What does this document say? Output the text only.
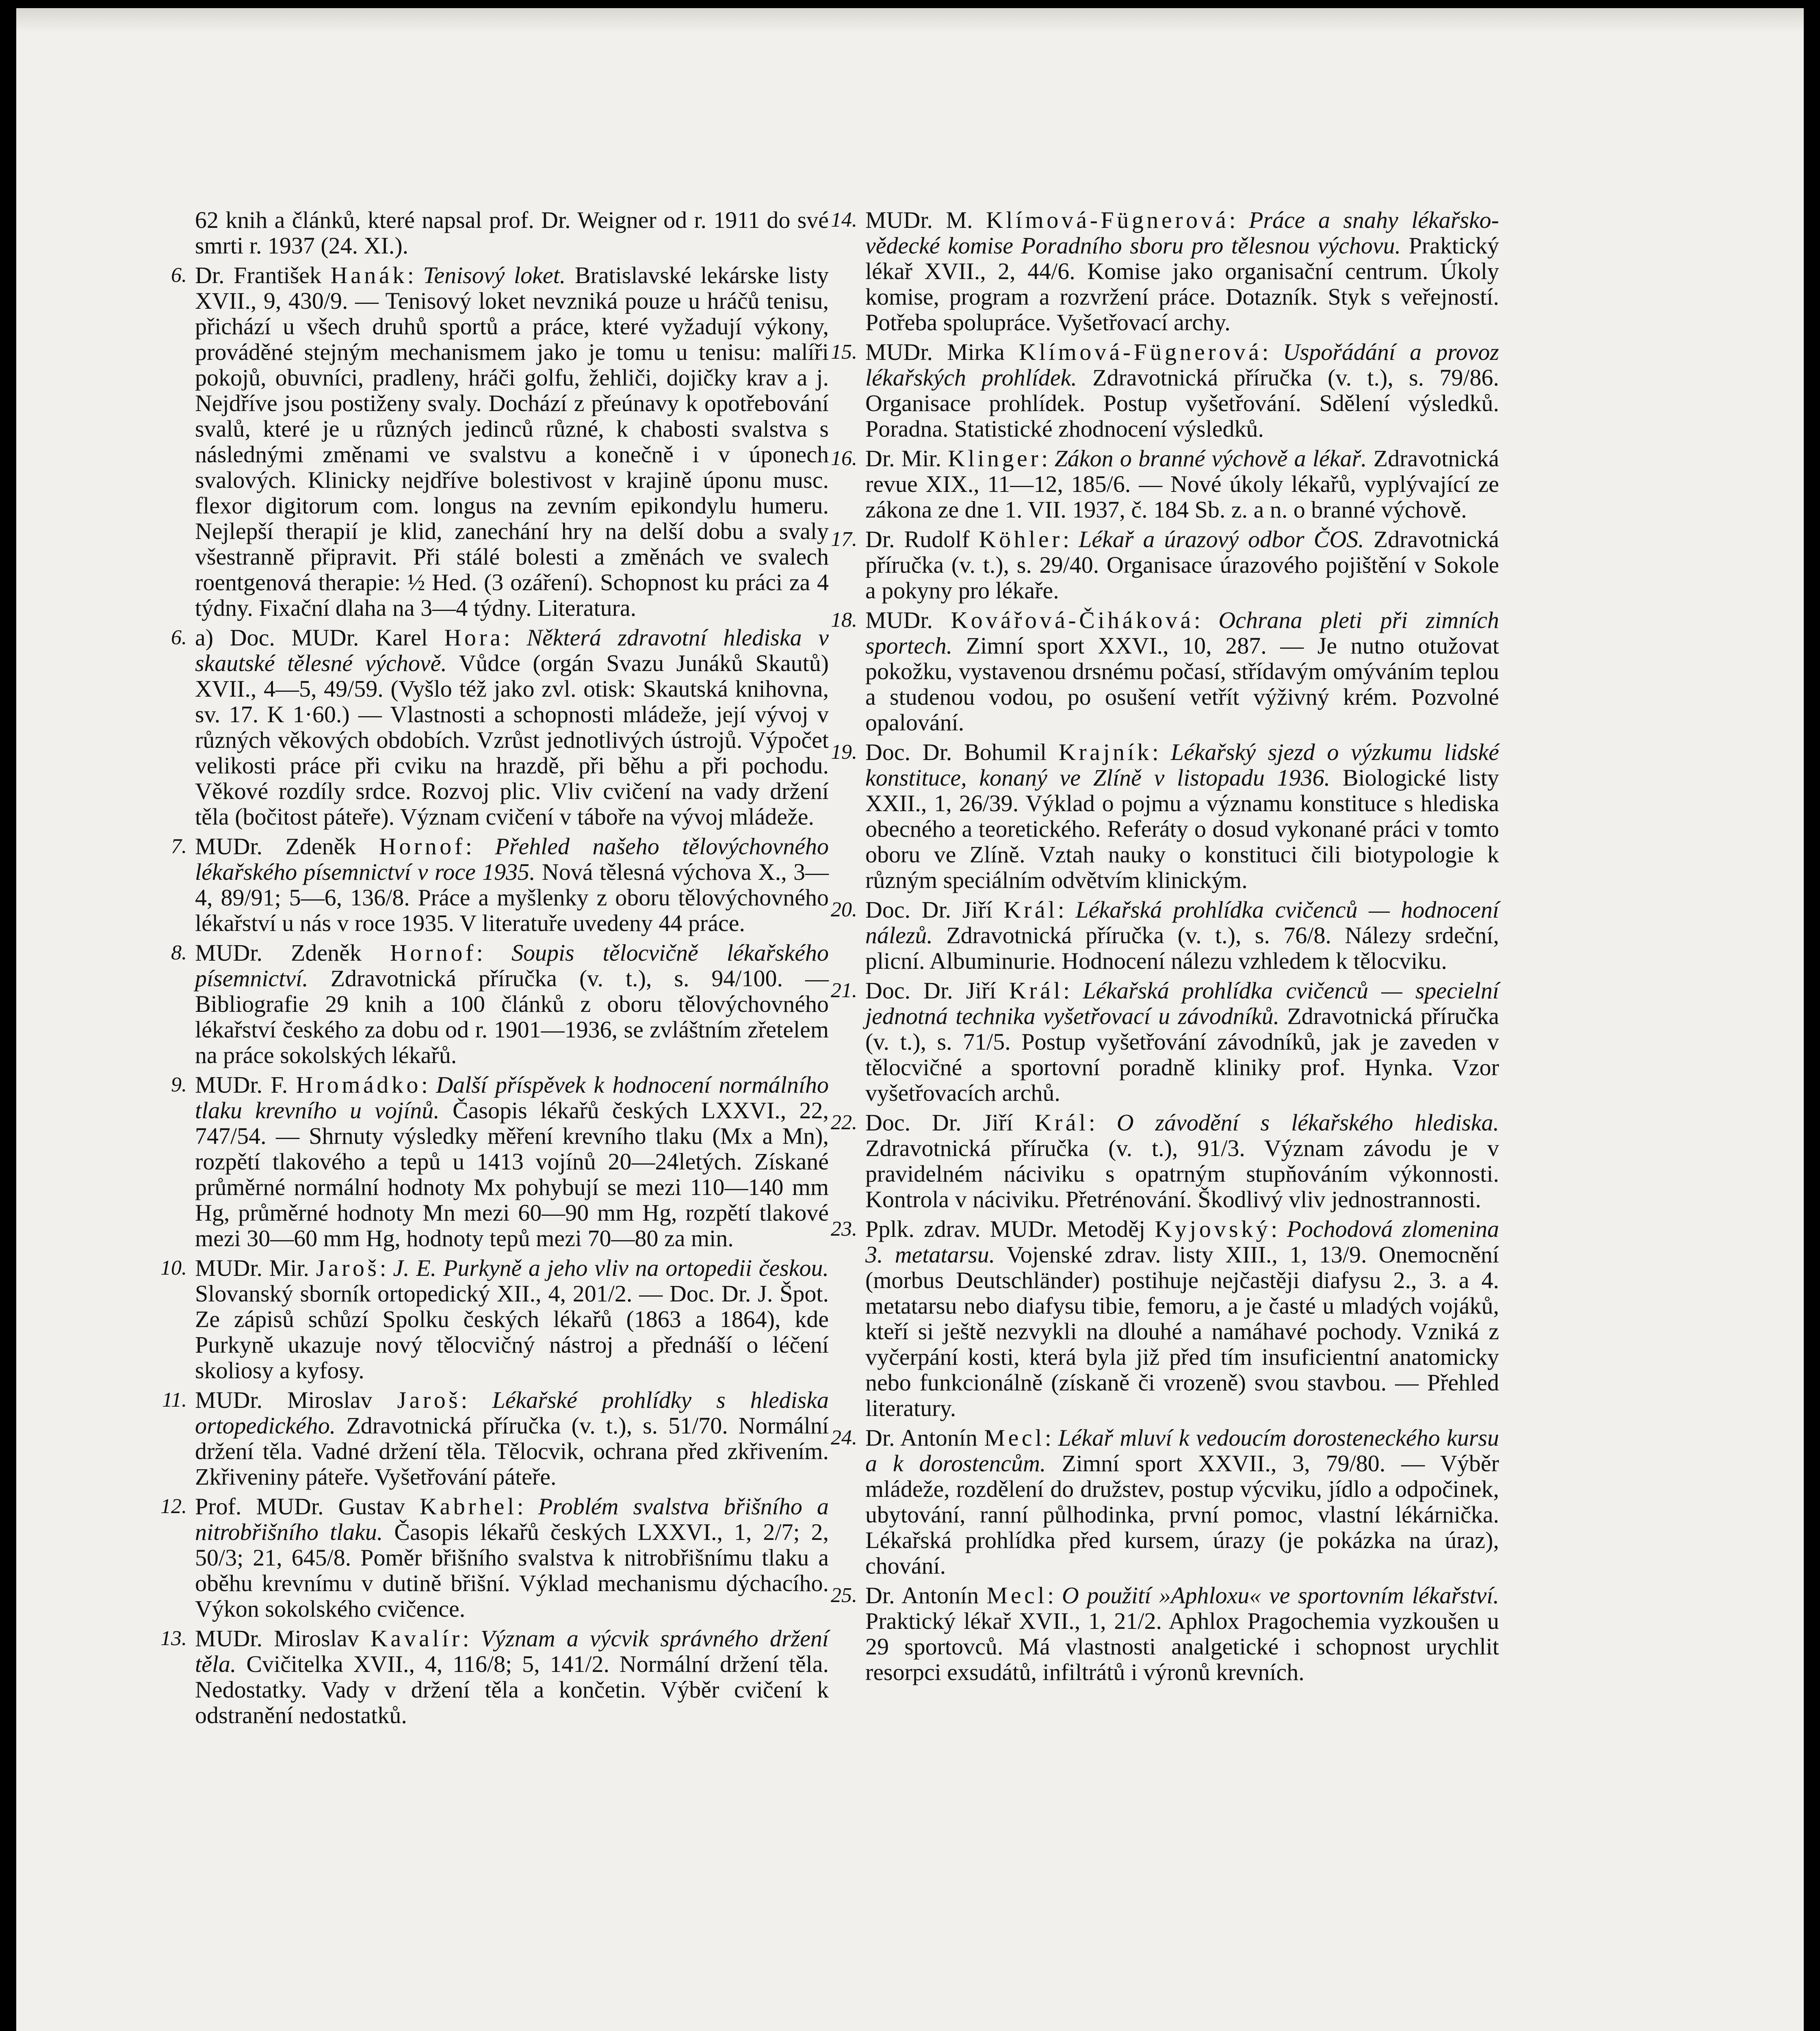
62 knih a článků, které napsal prof. Dr. Weigner od r. 1911 do své smrti r. 1937 (24. XI.).

6. Dr. František Hanák: Tenisový loket. Bratislavské lekárske listy XVII., 9, 430/9. — Tenisový loket nevzniká pouze u hráčů tenisu, přichází u všech druhů sportů a práce, které vyžadují výkony, prováděné stejným mechanismem jako je tomu u tenisu: malíři pokojů, obuvníci, pradleny, hráči golfu, žehliči, dojičky krav a j. Nejdříve jsou postiženy svaly. Dochází z přeúnavy k opotřebování svalů, které je u různých jedinců různé, k chabosti svalstva s následnými změnami ve svalstvu a konečně i v úponech svalových. Klinicky nejdříve bolestivost v krajině úponu musc. flexor digitorum com. longus na zevním epikondylu humeru. Nejlepší therapií je klid, zanechání hry na delší dobu a svaly všestranně připravit. Při stálé bolesti a změnách ve svalech roentgenová therapie: ½ Hed. (3 ozáření). Schopnost ku práci za 4 týdny. Fixační dlaha na 3—4 týdny. Literatura.
6. a) Doc. MUDr. Karel Hora: Některá zdravotní hlediska v skautské tělesné výchově. Vůdce (orgán Svazu Junáků Skautů) XVII., 4—5, 49/59. (Vyšlo též jako zvl. otisk: Skautská knihovna, sv. 17. K 1·60.) — Vlastnosti a schopnosti mládeže, její vývoj v různých věkových obdobích. Vzrůst jednotlivých ústrojů. Výpočet velikosti práce při cviku na hrazdě, při běhu a při pochodu. Věkové rozdíly srdce. Rozvoj plic. Vliv cvičení na vady držení těla (bočitost páteře). Význam cvičení v táboře na vývoj mládeže.
7. MUDr. Zdeněk Hornof: Přehled našeho tělovýchovného lékařského písemnictví v roce 1935. Nová tělesná výchova X., 3—4, 89/91; 5—6, 136/8. Práce a myšlenky z oboru tělovýchovného lékařství u nás v roce 1935. V literatuře uvedeny 44 práce.
8. MUDr. Zdeněk Hornof: Soupis tělocvičně lékařského písemnictví. Zdravotnická příručka (v. t.), s. 94/100. — Bibliografie 29 knih a 100 článků z oboru tělovýchovného lékařství českého za dobu od r. 1901—1936, se zvláštním zřetelem na práce sokolských lékařů.
9. MUDr. F. Hromádko: Další příspěvek k hodnocení normálního tlaku krevního u vojínů. Časopis lékařů českých LXXVI., 22, 747/54. — Shrnuty výsledky měření krevního tlaku (Mx a Mn), rozpětí tlakového a tepů u 1413 vojínů 20—24letých. Získané průměrné normální hodnoty Mx pohybují se mezi 110—140 mm Hg, průměrné hodnoty Mn mezi 60—90 mm Hg, rozpětí tlakové mezi 30—60 mm Hg, hodnoty tepů mezi 70—80 za min.
10. MUDr. Mir. Jaroš: J. E. Purkyně a jeho vliv na ortopedii českou. Slovanský sborník ortopedický XII., 4, 201/2. — Doc. Dr. J. Špot. Ze zápisů schůzí Spolku českých lékařů (1863 a 1864), kde Purkyně ukazuje nový tělocvičný nástroj a přednáší o léčení skoliosy a kyfosy.
11. MUDr. Miroslav Jaroš: Lékařské prohlídky s hlediska ortopedického. Zdravotnická příručka (v. t.), s. 51/70. Normální držení těla. Vadné držení těla. Tělocvik, ochrana před zkřivením. Zkřiveniny páteře. Vyšetřování páteře.
12. Prof. MUDr. Gustav Kabrhel: Problém svalstva břišního a nitrobřišního tlaku. Časopis lékařů českých LXXVI., 1, 2/7; 2, 50/3; 21, 645/8. Poměr břišního svalstva k nitrobřišnímu tlaku a oběhu krevnímu v dutině břišní. Výklad mechanismu dýchacího. Výkon sokolského cvičence.
13. MUDr. Miroslav Kavalír: Význam a výcvik správného držení těla. Cvičitelka XVII., 4, 116/8; 5, 141/2. Normální držení těla. Nedostatky. Vady v držení těla a končetin. Výběr cvičení k odstranění nedostatků.
14. MUDr. M. Klímová-Fügnerová: Práce a snahy lékařsko-vědecké komise Poradního sboru pro tělesnou výchovu. Praktický lékař XVII., 2, 44/6. Komise jako organisační centrum. Úkoly komise, program a rozvržení práce. Dotazník. Styk s veřejností. Potřeba spolupráce. Vyšetřovací archy.
15. MUDr. Mirka Klímová-Fügnerová: Uspořádání a provoz lékařských prohlídek. Zdravotnická příručka (v. t.), s. 79/86. Organisace prohlídek. Postup vyšetřování. Sdělení výsledků. Poradna. Statistické zhodnocení výsledků.
16. Dr. Mir. Klinger: Zákon o branné výchově a lékař. Zdravotnická revue XIX., 11—12, 185/6. — Nové úkoly lékařů, vyplývající ze zákona ze dne 1. VII. 1937, č. 184 Sb. z. a n. o branné výchově.
17. Dr. Rudolf Köhler: Lékař a úrazový odbor ČOS. Zdravotnická příručka (v. t.), s. 29/40. Organisace úrazového pojištění v Sokole a pokyny pro lékaře.
18. MUDr. Kovářová-Čiháková: Ochrana pleti při zimních sportech. Zimní sport XXVI., 10, 287. — Je nutno otužovat pokožku, vystavenou drsnému počasí, střídavým omýváním teplou a studenou vodou, po osušení vetřít výživný krém. Pozvolné opalování.
19. Doc. Dr. Bohumil Krajník: Lékařský sjezd o výzkumu lidské konstituce, konaný ve Zlíně v listopadu 1936. Biologické listy XXII., 1, 26/39. Výklad o pojmu a významu konstituce s hlediska obecného a teoretického. Referáty o dosud vykonané práci v tomto oboru ve Zlíně. Vztah nauky o konstituci čili biotypologie k různým speciálním odvětvím klinickým.
20. Doc. Dr. Jiří Král: Lékařská prohlídka cvičenců — hodnocení nálezů. Zdravotnická příručka (v. t.), s. 76/8. Nálezy srdeční, plicní. Albuminurie. Hodnocení nálezu vzhledem k tělocviku.
21. Doc. Dr. Jiří Král: Lékařská prohlídka cvičenců — specielní jednotná technika vyšetřovací u závodníků. Zdravotnická příručka (v. t.), s. 71/5. Postup vyšetřování závodníků, jak je zaveden v tělocvičné a sportovní poradně kliniky prof. Hynka. Vzor vyšetřovacích archů.
22. Doc. Dr. Jiří Král: O závodění s lékařského hlediska. Zdravotnická příručka (v. t.), 91/3. Význam závodu je v pravidelném náciviku s opatrným stupňováním výkonnosti. Kontrola v náciviku. Přetrénování. Škodlivý vliv jednostrannosti.
23. Pplk. zdrav. MUDr. Metoděj Kyjovský: Pochodová zlomenina 3. metatarsu. Vojenské zdrav. listy XIII., 1, 13/9. Onemocnění (morbus Deutschländer) postihuje nejčastěji diafysu 2., 3. a 4. metatarsu nebo diafysu tibie, femoru, a je časté u mladých vojáků, kteří si ještě nezvykli na dlouhé a namáhavé pochody. Vzniká z vyčerpání kosti, která byla již před tím insuficientní anatomicky nebo funkcionálně (získaně či vrozeně) svou stavbou. — Přehled literatury.
24. Dr. Antonín Mecl: Lékař mluví k vedoucím dorosteneckého kursu a k dorostencům. Zimní sport XXVII., 3, 79/80. — Výběr mládeže, rozdělení do družstev, postup výcviku, jídlo a odpočinek, ubytování, ranní půlhodinka, první pomoc, vlastní lékárnička. Lékařská prohlídka před kursem, úrazy (je pokázka na úraz), chování.
25. Dr. Antonín Mecl: O použití »Aphloxu« ve sportovním lékařství. Praktický lékař XVII., 1, 21/2. Aphlox Pragochemia vyzkoušen u 29 sportovců. Má vlastnosti analgetické i schopnost urychlit resorpci exsudátů, infiltrátů i výronů krevních.
